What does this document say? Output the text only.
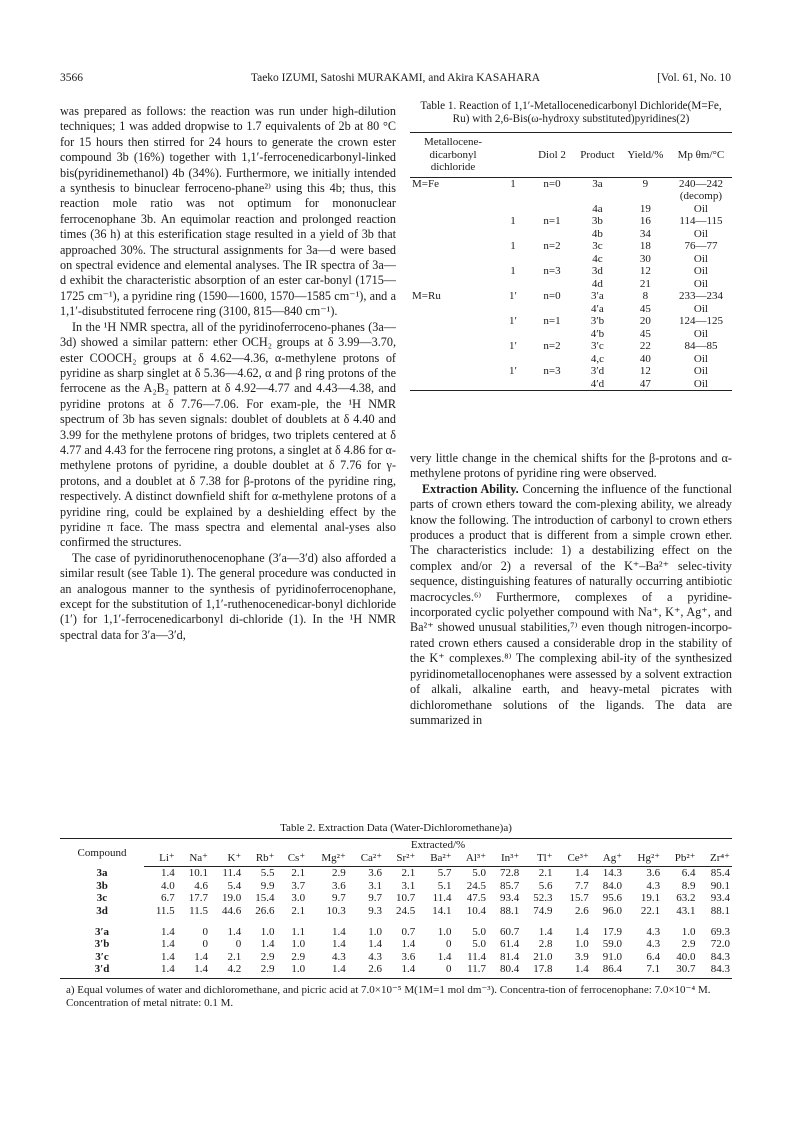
3566	Taeko IZUMI, Satoshi MURAKAMI, and Akira KASAHARA	[Vol. 61, No. 10

was prepared as follows: the reaction was run under high-dilution techniques; 1 was added dropwise to 1.7 equivalents of 2b at 80 °C for 15 hours then stirred for 24 hours to generate the crown ester compound 3b (16%) together with 1,1′-ferrocenedicarbonyl-linked bis(pyridinemethanol) 4b (34%). Furthermore, we initially intended a synthesis to binuclear ferroceno-phane²⁾ using this 4b; thus, this reaction mole ratio was not optimum for mononuclear ferrocenophane 3b. An equimolar reaction and prolonged reaction times (36 h) at this esterification stage resulted in a yield of 3b that approached 30%. The structural assignments for 3a—d were based on spectral evidence and elemental analyses. The IR spectra of 3a—d exhibit the characteristic absorption of an ester car-bonyl (1715—1725 cm⁻¹), a pyridine ring (1590—1600, 1570—1585 cm⁻¹), and a 1,1′-disubstituted ferrocene ring (3100, 815—840 cm⁻¹).

In the ¹H NMR spectra, all of the pyridinoferroceno-phanes (3a—3d) showed a similar pattern: ether OCH₂ groups at δ 3.99—3.70, ester COOCH₂ groups at δ 4.62—4.36, α-methylene protons of pyridine as sharp singlet at δ 5.36—4.62, α and β ring protons of the ferrocene as the A₂B₂ pattern at δ 4.92—4.77 and 4.43—4.38, and pyridine protons at δ 7.76—7.06. For exam-ple, the ¹H NMR spectrum of 3b has seven signals: doublet of doublets at δ 4.40 and 3.99 for the methylene protons of bridges, two triplets centered at δ 4.77 and 4.43 for the ferrocene ring protons, a singlet at δ 4.86 for α-methylene protons of pyridine, a double doublet at δ 7.76 for γ-protons, and a doublet at δ 7.38 for β-protons of the pyridine ring, respectively. A distinct downfield shift for α-methylene protons of a pyridine ring, could be explained by a deshielding effect by the pyridine π face. The mass spectra and elemental anal-yses also confirmed the structures.

The case of pyridinoruthenocenophane (3′a—3′d) also afforded a similar result (see Table 1). The general procedure was conducted in an analogous manner to the synthesis of pyridinoferrocenophane, except for the substitution of 1,1′-ruthenocenedicar-bonyl dichloride (1′) for 1,1′-ferrocenedicarbonyl di-chloride (1). In the ¹H NMR spectral data for 3′a—3′d,

Table 1. Reaction of 1,1′-Metallocenedicarbonyl Dichloride(M=Fe, Ru) with 2,6-Bis(ω-hydroxy substituted)pyridines(2)
Metallocene-dicarbonyl dichloride		Diol 2	Product	Yield/%	Mp θm/°C
M=Fe	1	n=0	3a	9	240—242
					(decomp)
			4a	19	Oil
	1	n=1	3b	16	114—115
			4b	34	Oil
	1	n=2	3c	18	76—77
			4c	30	Oil
	1	n=3	3d	12	Oil
			4d	21	Oil
M=Ru	1′	n=0	3′a	8	233—234
			4′a	45	Oil
	1′	n=1	3′b	20	124—125
			4′b	45	Oil
	1′	n=2	3′c	22	84—85
			4,c	40	Oil
	1′	n=3	3′d	12	Oil
			4′d	47	Oil

very little change in the chemical shifts for the β-protons and α-methylene protons of pyridine ring were observed.

Extraction Ability. Concerning the influence of the functional parts of crown ethers toward the com-plexing ability, we already know the following. The introduction of carbonyl to crown ethers produces a product that is different from a simple crown ether. The characteristics include: 1) a destabilizing effect on the complex and/or 2) a reversal of the K⁺–Ba²⁺ selec-tivity sequence, distinguishing features of naturally occurring antibiotic macrocycles.⁶⁾ Furthermore, complexes of a pyridine-incorporated cyclic polyether compound with Na⁺, K⁺, Ag⁺, and Ba²⁺ showed unusual stabilities,⁷⁾ even though nitrogen-incorpo-rated crown ethers caused a considerable drop in the stability of the K⁺ complexes.⁸⁾ The complexing abil-ity of the synthesized pyridinometallocenophanes were assessed by a solvent extraction of alkali, alkaline earth, and heavy-metal picrates with dichloromethane solutions of the ligands. The data are summarized in

Table 2. Extraction Data (Water-Dichloromethane)a)
Compound	Extracted/%																
	Li⁺	Na⁺	K⁺	Rb⁺	Cs⁺	Mg²⁺	Ca²⁺	Sr²⁺	Ba²⁺	Al³⁺	In³⁺	Tl⁺	Ce³⁺	Ag⁺	Hg²⁺	Pb²⁺	Zr⁴⁺
3a	1.4	10.1	11.4	5.5	2.1	2.9	3.6	2.1	5.7	5.0	72.8	2.1	1.4	14.3	3.6	6.4	85.4
3b	4.0	4.6	5.4	9.9	3.7	3.6	3.1	3.1	5.1	24.5	85.7	5.6	7.7	84.0	4.3	8.9	90.1
3c	6.7	17.7	19.0	15.4	3.0	9.7	9.7	10.7	11.4	47.5	93.4	52.3	15.7	95.6	19.1	63.2	93.4
3d	11.5	11.5	44.6	26.6	2.1	10.3	9.3	24.5	14.1	10.4	88.1	74.9	2.6	96.0	22.1	43.1	88.1

3′a	1.4	0	1.4	1.0	1.1	1.4	1.0	0.7	1.0	5.0	60.7	1.4	1.4	17.9	4.3	1.0	69.3
3′b	1.4	0	0	1.4	1.0	1.4	1.4	1.4	0	5.0	61.4	2.8	1.0	59.0	4.3	2.9	72.0
3′c	1.4	1.4	2.1	2.9	2.9	4.3	4.3	3.6	1.4	11.4	81.4	21.0	3.9	91.0	6.4	40.0	84.3
3′d	1.4	1.4	4.2	2.9	1.0	1.4	2.6	1.4	0	11.7	80.4	17.8	1.4	86.4	7.1	30.7	84.3
a) Equal volumes of water and dichloromethane, and picric acid at 7.0×10⁻⁵ M(1M=1 mol dm⁻³). Concentra-tion of ferrocenophane: 7.0×10⁻⁴ M. Concentration of metal nitrate: 0.1 M.
